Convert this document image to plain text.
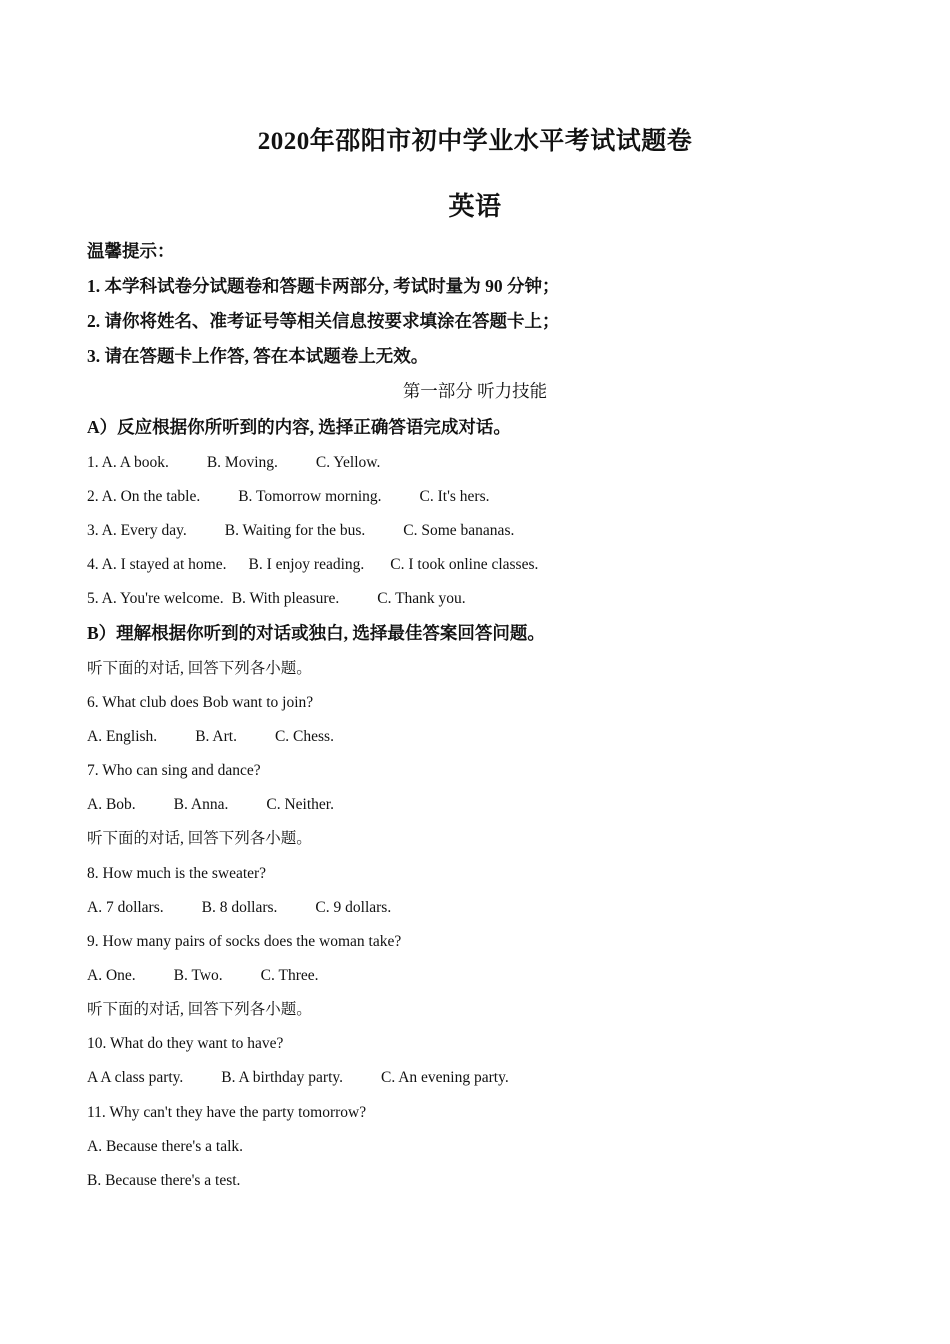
2020年邵阳市初中学业水平考试试题卷
英语
温馨提示：
1. 本学科试卷分试题卷和答题卡两部分, 考试时量为 90 分钟；
2. 请你将姓名、准考证号等相关信息按要求填涂在答题卡上；
3. 请在答题卡上作答, 答在本试题卷上无效。
第一部分 听力技能
A）反应根据你所听到的内容, 选择正确答语完成对话。
1. A. A book. B. Moving. C. Yellow.
2. A. On the table. B. Tomorrow morning. C. It's hers.
3. A. Every day. B. Waiting for the bus. C. Some bananas.
4. A. I stayed at home. B. I enjoy reading. C. I took online classes.
5. A. You're welcome. B. With pleasure. C. Thank you.
B）理解根据你听到的对话或独白, 选择最佳答案回答问题。
听下面的对话, 回答下列各小题。
6. What club does Bob want to join?
A. English. B. Art. C. Chess.
7. Who can sing and dance?
A. Bob. B. Anna. C. Neither.
听下面的对话, 回答下列各小题。
8. How much is the sweater?
A. 7 dollars. B. 8 dollars. C. 9 dollars.
9. How many pairs of socks does the woman take?
A. One. B. Two. C. Three.
听下面的对话, 回答下列各小题。
10. What do they want to have?
A A class party. B. A birthday party. C. An evening party.
11. Why can't they have the party tomorrow?
A. Because there's a talk.
B. Because there's a test.
